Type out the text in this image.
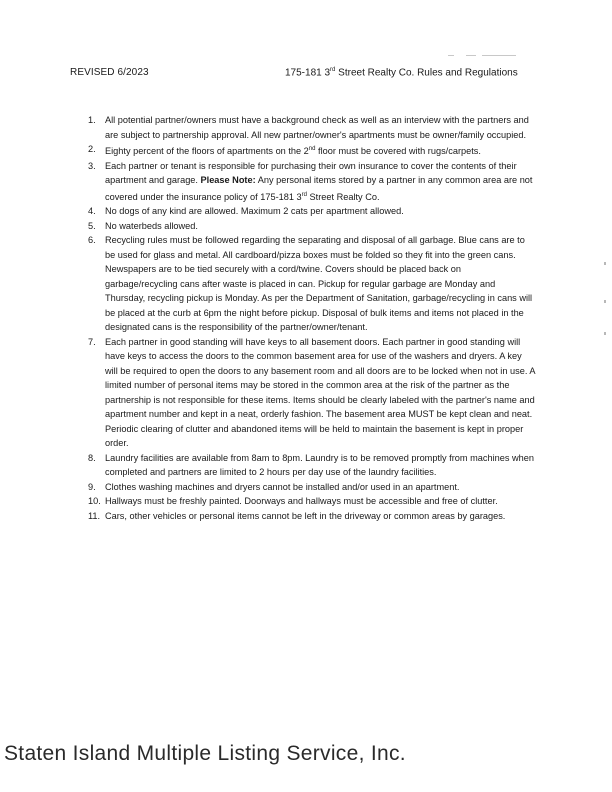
REVISED 6/2023	175-181 3rd Street Realty Co. Rules and Regulations
1. All potential partner/owners must have a background check as well as an interview with the partners and are subject to partnership approval. All new partner/owner's apartments must be owner/family occupied.
2. Eighty percent of the floors of apartments on the 2nd floor must be covered with rugs/carpets.
3. Each partner or tenant is responsible for purchasing their own insurance to cover the contents of their apartment and garage. Please Note: Any personal items stored by a partner in any common area are not covered under the insurance policy of 175-181 3rd Street Realty Co.
4. No dogs of any kind are allowed. Maximum 2 cats per apartment allowed.
5. No waterbeds allowed.
6. Recycling rules must be followed regarding the separating and disposal of all garbage. Blue cans are to be used for glass and metal. All cardboard/pizza boxes must be folded so they fit into the green cans. Newspapers are to be tied securely with a cord/twine. Covers should be placed back on garbage/recycling cans after waste is placed in can. Pickup for regular garbage are Monday and Thursday, recycling pickup is Monday. As per the Department of Sanitation, garbage/recycling in cans will be placed at the curb at 6pm the night before pickup. Disposal of bulk items and items not placed in the designated cans is the responsibility of the partner/owner/tenant.
7. Each partner in good standing will have keys to all basement doors. Each partner in good standing will have keys to access the doors to the common basement area for use of the washers and dryers. A key will be required to open the doors to any basement room and all doors are to be locked when not in use. A limited number of personal items may be stored in the common area at the risk of the partner as the partnership is not responsible for these items. Items should be clearly labeled with the partner's name and apartment number and kept in a neat, orderly fashion. The basement area MUST be kept clean and neat. Periodic clearing of clutter and abandoned items will be held to maintain the basement is kept in proper order.
8. Laundry facilities are available from 8am to 8pm. Laundry is to be removed promptly from machines when completed and partners are limited to 2 hours per day use of the laundry facilities.
9. Clothes washing machines and dryers cannot be installed and/or used in an apartment.
10. Hallways must be freshly painted. Doorways and hallways must be accessible and free of clutter.
11. Cars, other vehicles or personal items cannot be left in the driveway or common areas by garages.
Staten Island Multiple Listing Service, Inc.
